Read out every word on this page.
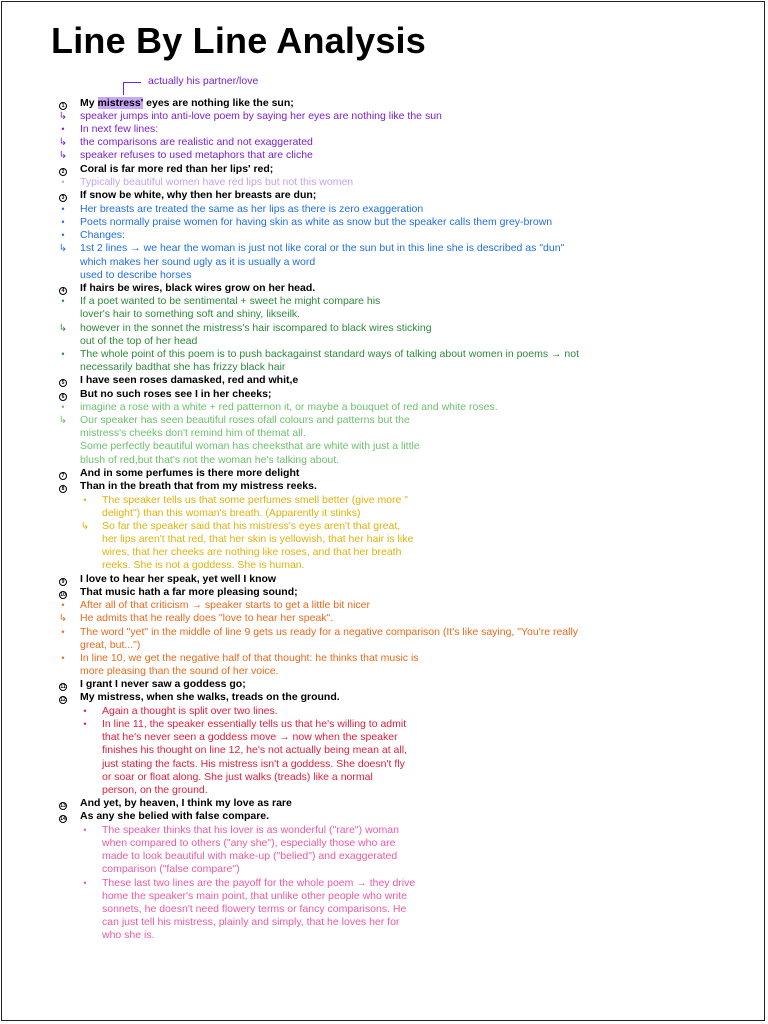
Line By Line Analysis
actually his partner/love
1	My mistress' eyes are nothing like the sun;
↳ speaker jumps into anti-love poem by saying her eyes are nothing like the sun
•	In next few lines:
↳ the comparisons are realistic and not exaggerated
↳ speaker refuses to used metaphors that are cliche
2	Coral is far more red than her lips' red;
•	Typically beautiful women have red lips but not this women
3	If snow be white, why then her breasts are dun;
•	Her breasts are treated the same as her lips as there is zero exaggeration
•	Poets normally praise women for having skin as white as snow but the speaker calls them grey-brown
•	Changes:
↳ 1st 2 lines → we hear the woman is just not like coral or the sun but in this line she is described as "dun"
which makes her sound ugly as it is usually a word
used to describe horses
4	If hairs be wires, black wires grow on her head.
•	If a poet wanted to be sentimental + sweet he might compare his
lover's hair to something soft and shiny, likseilk.
↳ however in the sonnet the mistress's hair iscompared to black wires sticking
out of the top of her head
•	The whole point of this poem is to push backagainst standard ways of talking about women in poems → not
necessarily badthat she has frizzy black hair
5	I have seen roses damasked, red and whit,e
6	But no such roses see I in her cheeks;
•	imagine a rose with a white + red patternon it, or maybe a bouquet of red and white roses.
↳ Our speaker has seen beautiful roses ofall colours and patterns but the
mistress's cheeks don't remind him of themat all.
Some perfectly beautiful woman has cheeksthat are white with just a little
blush of red,but that's not the woman he's talking about.
7	And in some perfumes is there more delight
8	Than in the breath that from my mistress reeks.
•	The speaker tells us that some perfumes smell better (give more "
delight") than this woman's breath. (Apparently it stinks)
↳ So far the speaker said that his mistress's eyes aren't that great,
her lips aren't that red, that her skin is yellowish, that her hair is like
wires, that her cheeks are nothing like roses, and that her breath
reeks. She is not a goddess. She is human.
9	I love to hear her speak, yet well I know
10	That music hath a far more pleasing sound;
•	After all of that criticism → speaker starts to get a little bit nicer
↳ He admits that he really does "love to hear her speak".
•	The word "yet" in the middle of line 9 gets us ready for a negative comparison (It's like saying, "You're really
great, but...")
•	In line 10, we get the negative half of that thought: he thinks that music is
more pleasing than the sound of her voice.
11	I grant I never saw a goddess go;
12	My mistress, when she walks, treads on the ground.
•	Again a thought is split over two lines.
•	In line 11, the speaker essentially tells us that he's willing to admit
that he's never seen a goddess move → now when the speaker
finishes his thought on line 12, he's not actually being mean at all,
just stating the facts. His mistress isn't a goddess. She doesn't fly
or soar or float along. She just walks (treads) like a normal
person, on the ground.
13	And yet, by heaven, I think my love as rare
14	As any she belied with false compare.
•	The speaker thinks that his lover is as wonderful ("rare") woman
when compared to others ("any she"), especially those who are
made to look beautiful with make-up ("belied") and exaggerated
comparison ("false compare")
•	These last two lines are the payoff for the whole poem → they drive
home the speaker's main point, that unlike other people who write
sonnets, he doesn't need flowery terms or fancy comparisons. He
can just tell his mistress, plainly and simply, that he loves her for
who she is.
